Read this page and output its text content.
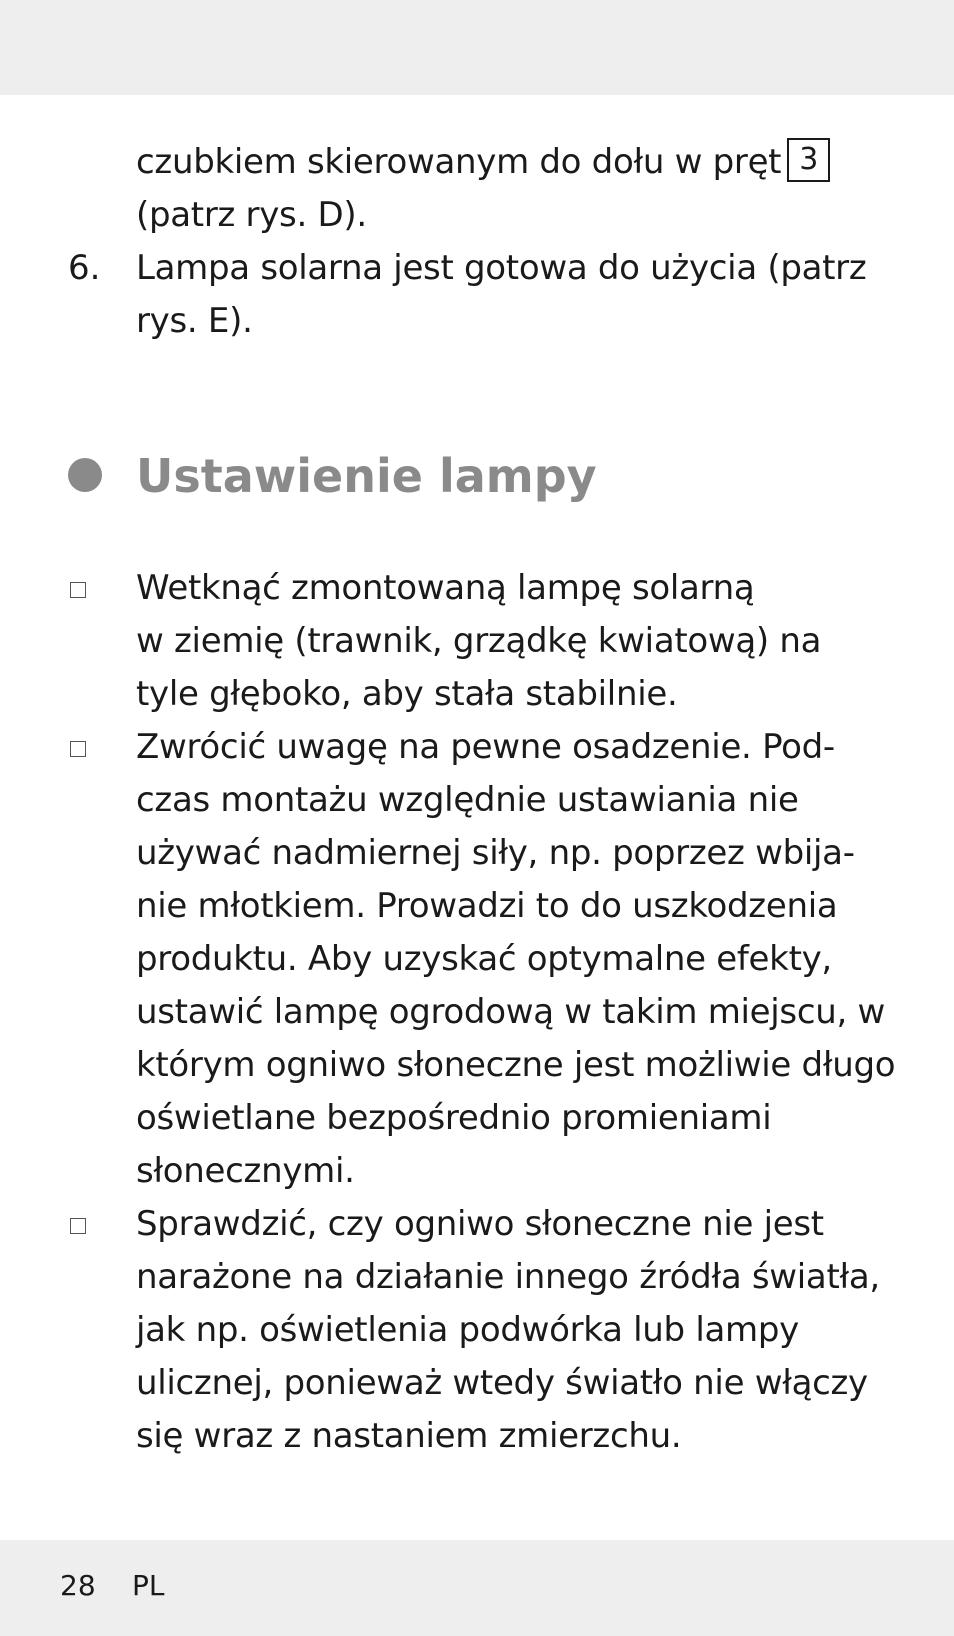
czubkiem skierowanym do dołu w pręt 3
(patrz rys. D).
6. Lampa solarna jest gotowa do użycia (patrz
rys. E).
Ustawienie lampy
Wetknąć zmontowaną lampę solarną
w ziemię (trawnik, grządkę kwiatową) na
tyle głęboko, aby stała stabilnie.
Zwrócić uwagę na pewne osadzenie. Pod-
czas montażu względnie ustawiania nie
używać nadmiernej siły, np. poprzez wbija-
nie młotkiem. Prowadzi to do uszkodzenia
produktu. Aby uzyskać optymalne efekty,
ustawić lampę ogrodową w takim miejscu, w
którym ogniwo słoneczne jest możliwie długo
oświetlane bezpośrednio promieniami
słonecznymi.
Sprawdzić, czy ogniwo słoneczne nie jest
narażone na działanie innego źródła światła,
jak np. oświetlenia podwórka lub lampy
ulicznej, ponieważ wtedy światło nie włączy
się wraz z nastaniem zmierzchu.
28 PL
